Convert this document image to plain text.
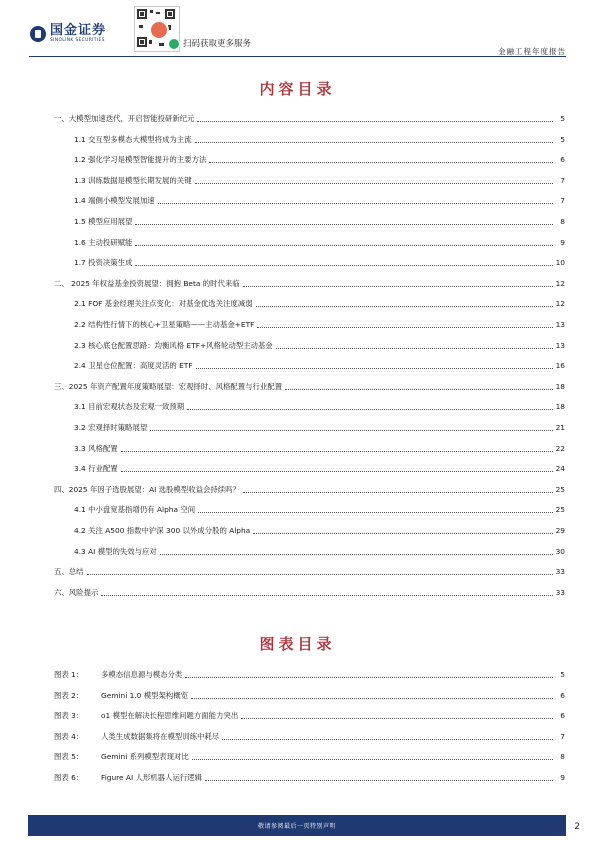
国金证券
SINOLINK SECURITIES	扫码获取更多服务
金融工程年度报告
内容目录
一、大模型加速迭代，开启智能投研新纪元	5
1.1 交互型多模态大模型将成为主流	5
1.2 强化学习是模型智能提升的主要方法	6
1.3 训练数据是模型长期发展的关键	7
1.4 端侧小模型发展加速	7
1.5 模型应用展望	8
1.6 主动投研赋能	9
1.7 投资决策生成	10
二、 2025 年权益基金投资展望：拥抱 Beta 的时代来临	12
2.1 FOF 基金经理关注点变化：对基金优选关注度减弱	12
2.2 结构性行情下的核心+卫星策略——主动基金+ETF	13
2.3 核心底仓配置思路：均衡风格 ETF+风格轮动型主动基金	13
2.4 卫星仓位配置：高度灵活的 ETF	16
三、2025 年资产配置年度策略展望：宏观择时、风格配置与行业配置	18
3.1 目前宏观状态及宏观一致预期	18
3.2 宏观择时策略展望	21
3.3 风格配置	22
3.4 行业配置	24
四、2025 年因子选股展望：AI 选股模型收益会持续吗？	25
4.1 中小盘宽基指增仍有 Alpha 空间	25
4.2 关注 A500 指数中沪深 300 以外成分股的 Alpha	29
4.3 AI 模型的失效与应对	30
五、总结	33
六、风险提示	33
图表目录
图表 1：	多模态信息源与模态分类	5
图表 2：	Gemini 1.0 模型架构概览	6
图表 3：	o1 模型在解决长程思维问题方面能力突出	6
图表 4：	人类生成数据集将在模型训练中耗尽	7
图表 5：	Gemini 系列模型表现对比	8
图表 6：	Figure AI 人形机器人运行逻辑	9
敬请参阅最后一页特别声明	2
